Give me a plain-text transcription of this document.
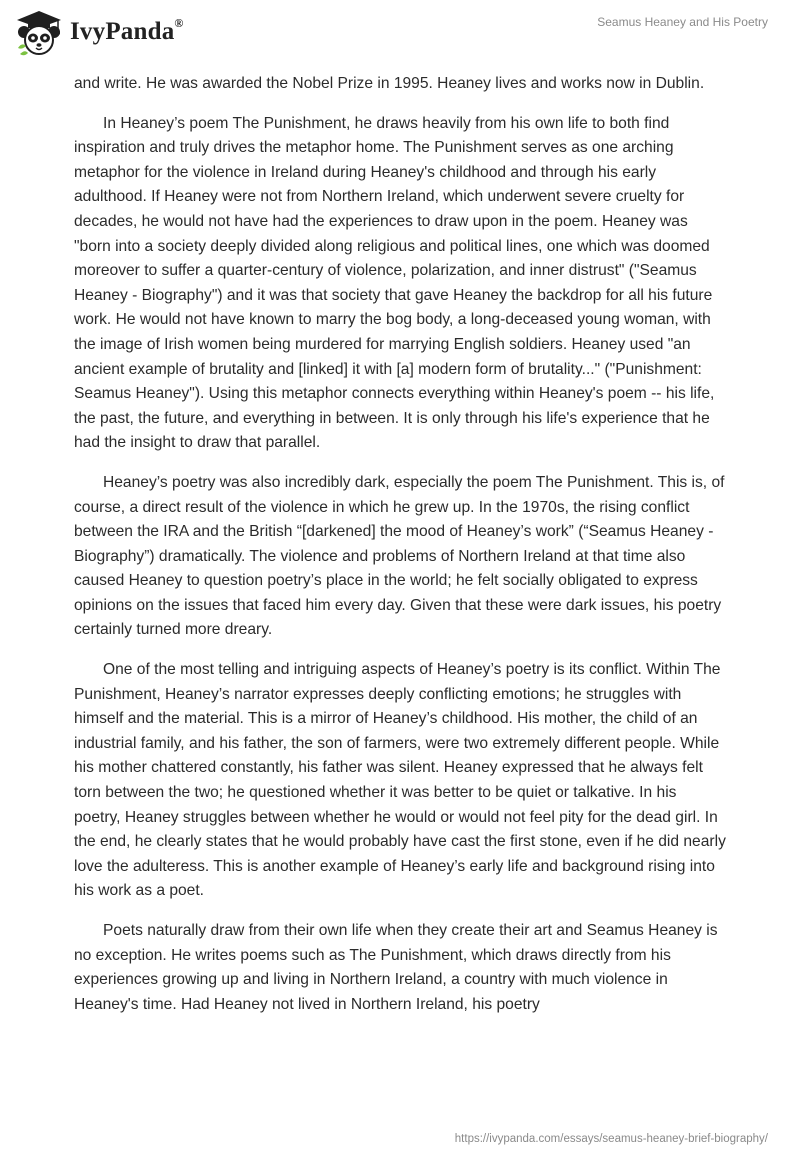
IvyPanda®	Seamus Heaney and His Poetry

and write. He was awarded the Nobel Prize in 1995. Heaney lives and works now in Dublin.

In Heaney’s poem The Punishment, he draws heavily from his own life to both find inspiration and truly drives the metaphor home. The Punishment serves as one arching metaphor for the violence in Ireland during Heaney's childhood and through his early adulthood. If Heaney were not from Northern Ireland, which underwent severe cruelty for decades, he would not have had the experiences to draw upon in the poem. Heaney was "born into a society deeply divided along religious and political lines, one which was doomed moreover to suffer a quarter-century of violence, polarization, and inner distrust" ("Seamus Heaney - Biography") and it was that society that gave Heaney the backdrop for all his future work. He would not have known to marry the bog body, a long-deceased young woman, with the image of Irish women being murdered for marrying English soldiers. Heaney used "an ancient example of brutality and [linked] it with [a] modern form of brutality..." ("Punishment: Seamus Heaney"). Using this metaphor connects everything within Heaney's poem -- his life, the past, the future, and everything in between. It is only through his life's experience that he had the insight to draw that parallel.

Heaney’s poetry was also incredibly dark, especially the poem The Punishment. This is, of course, a direct result of the violence in which he grew up. In the 1970s, the rising conflict between the IRA and the British “[darkened] the mood of Heaney’s work” (“Seamus Heaney - Biography”) dramatically. The violence and problems of Northern Ireland at that time also caused Heaney to question poetry’s place in the world; he felt socially obligated to express opinions on the issues that faced him every day. Given that these were dark issues, his poetry certainly turned more dreary.

One of the most telling and intriguing aspects of Heaney’s poetry is its conflict. Within The Punishment, Heaney’s narrator expresses deeply conflicting emotions; he struggles with himself and the material. This is a mirror of Heaney’s childhood. His mother, the child of an industrial family, and his father, the son of farmers, were two extremely different people. While his mother chattered constantly, his father was silent. Heaney expressed that he always felt torn between the two; he questioned whether it was better to be quiet or talkative. In his poetry, Heaney struggles between whether he would or would not feel pity for the dead girl. In the end, he clearly states that he would probably have cast the first stone, even if he did nearly love the adulteress. This is another example of Heaney’s early life and background rising into his work as a poet.

Poets naturally draw from their own life when they create their art and Seamus Heaney is no exception. He writes poems such as The Punishment, which draws directly from his experiences growing up and living in Northern Ireland, a country with much violence in Heaney's time. Had Heaney not lived in Northern Ireland, his poetry

https://ivypanda.com/essays/seamus-heaney-brief-biography/
